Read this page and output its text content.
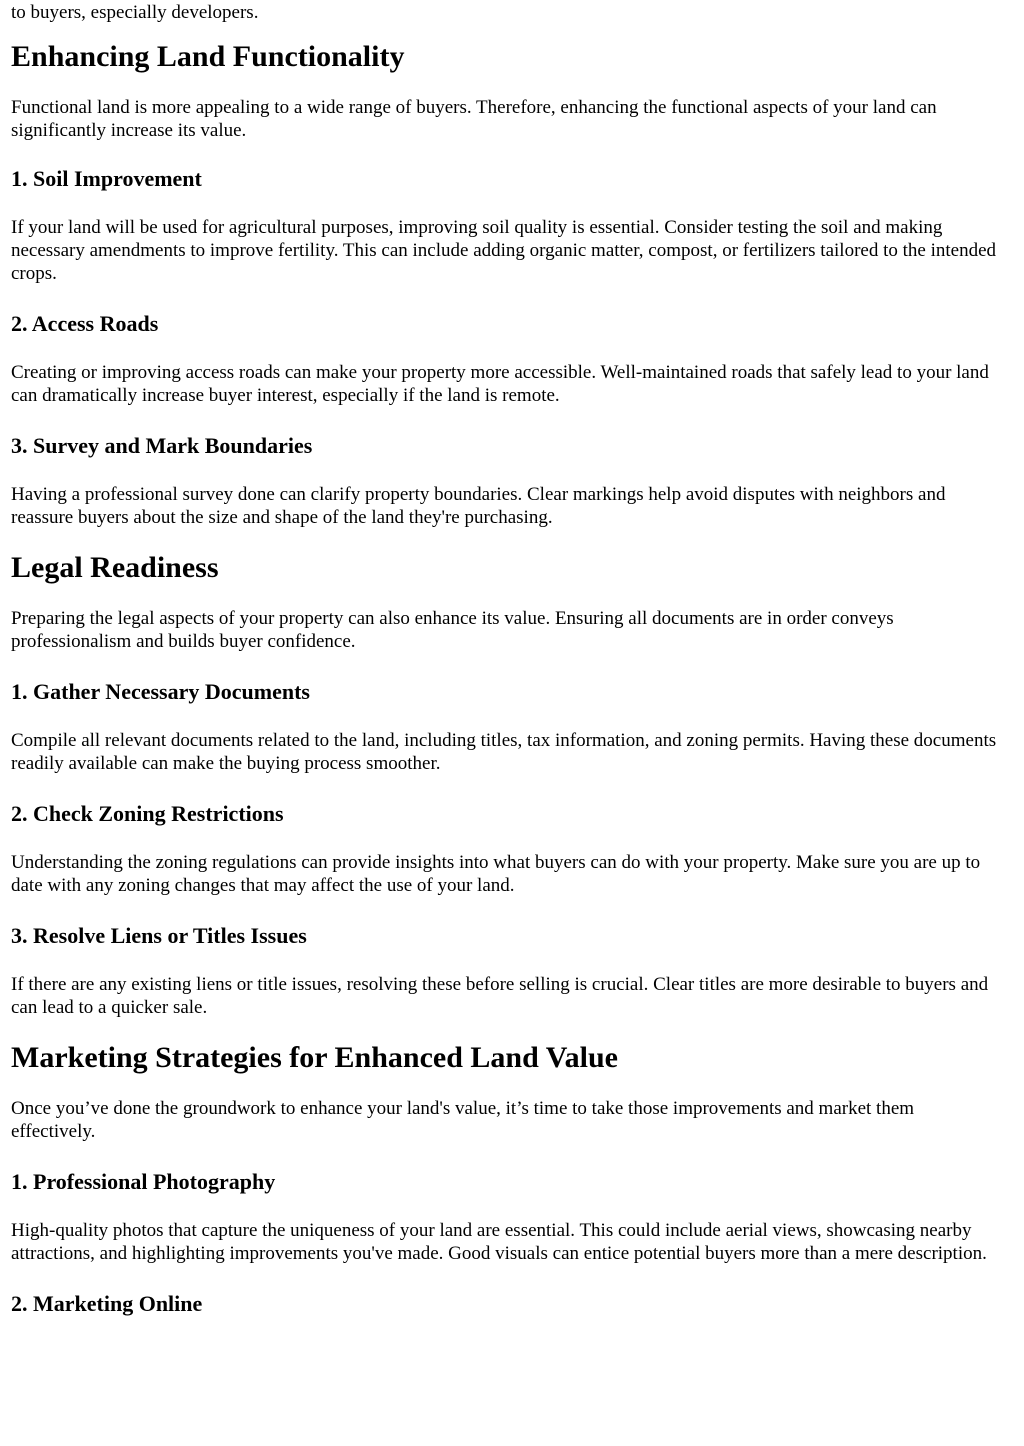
to buyers, especially developers.

Enhancing Land Functionality

Functional land is more appealing to a wide range of buyers. Therefore, enhancing the functional aspects of your land can significantly increase its value.

1. Soil Improvement

If your land will be used for agricultural purposes, improving soil quality is essential. Consider testing the soil and making necessary amendments to improve fertility. This can include adding organic matter, compost, or fertilizers tailored to the intended crops.

2. Access Roads

Creating or improving access roads can make your property more accessible. Well-maintained roads that safely lead to your land can dramatically increase buyer interest, especially if the land is remote.

3. Survey and Mark Boundaries

Having a professional survey done can clarify property boundaries. Clear markings help avoid disputes with neighbors and reassure buyers about the size and shape of the land they're purchasing.

Legal Readiness

Preparing the legal aspects of your property can also enhance its value. Ensuring all documents are in order conveys professionalism and builds buyer confidence.

1. Gather Necessary Documents

Compile all relevant documents related to the land, including titles, tax information, and zoning permits. Having these documents readily available can make the buying process smoother.

2. Check Zoning Restrictions

Understanding the zoning regulations can provide insights into what buyers can do with your property. Make sure you are up to date with any zoning changes that may affect the use of your land.

3. Resolve Liens or Titles Issues

If there are any existing liens or title issues, resolving these before selling is crucial. Clear titles are more desirable to buyers and can lead to a quicker sale.

Marketing Strategies for Enhanced Land Value

Once you’ve done the groundwork to enhance your land's value, it’s time to take those improvements and market them effectively.

1. Professional Photography

High-quality photos that capture the uniqueness of your land are essential. This could include aerial views, showcasing nearby attractions, and highlighting improvements you've made. Good visuals can entice potential buyers more than a mere description.

2. Marketing Online
